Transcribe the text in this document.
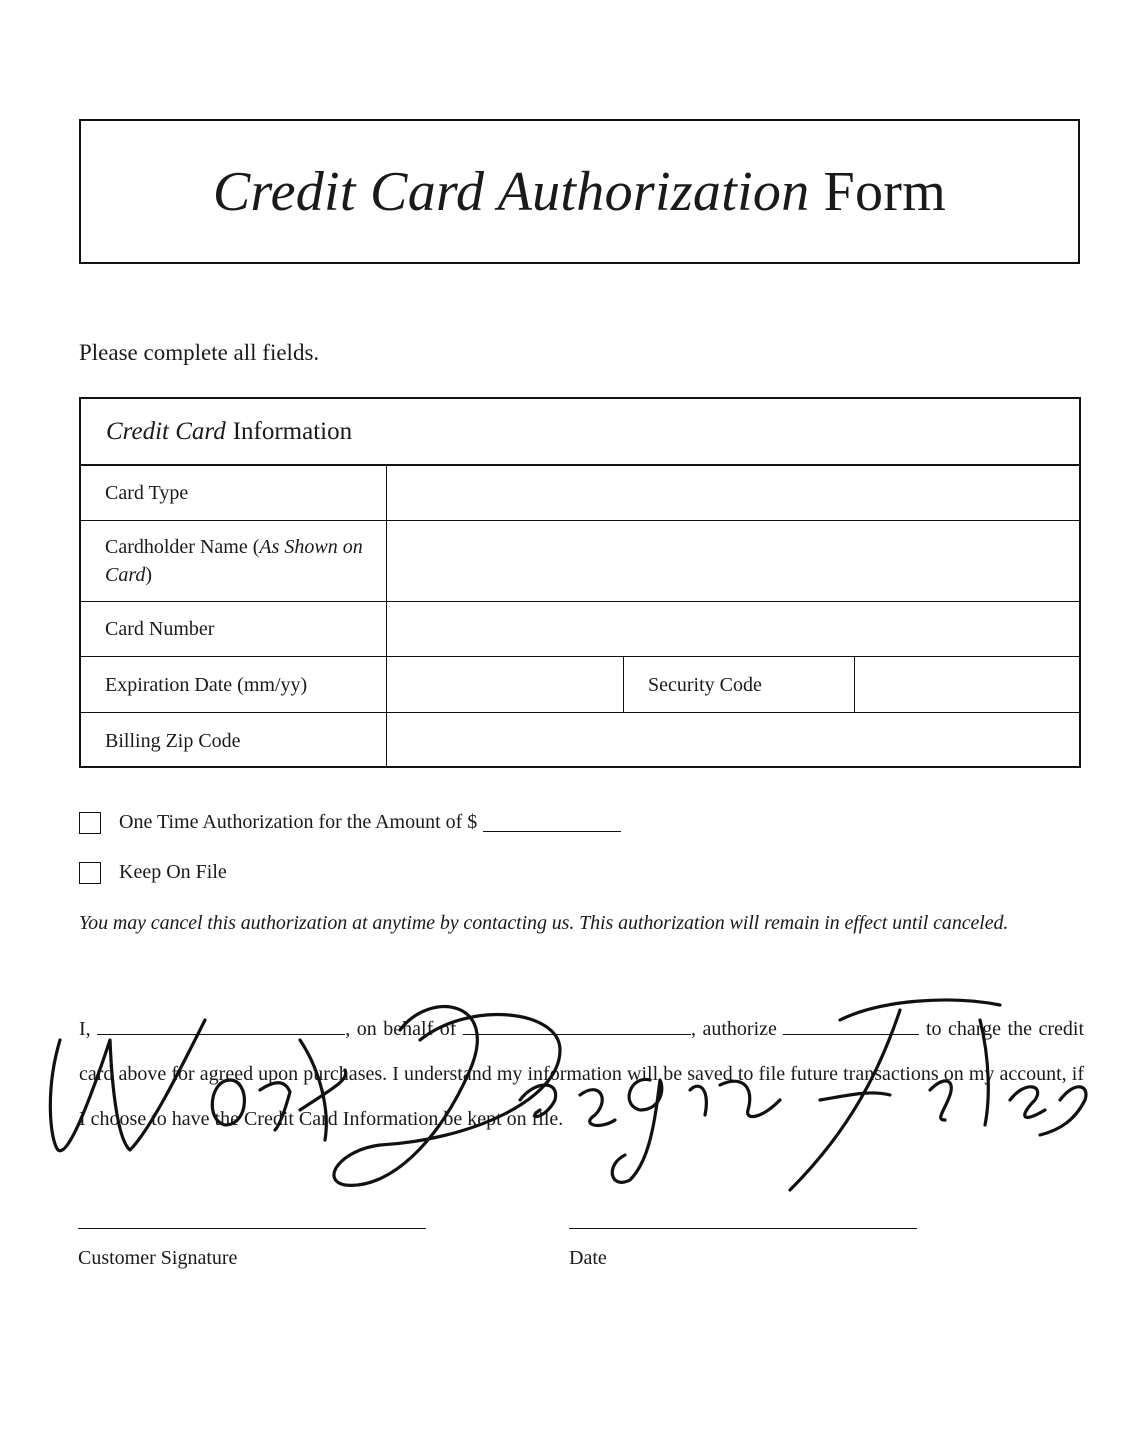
Credit Card Authorization Form
Please complete all fields.
Credit Card Information
Card Type
Cardholder Name (As Shown on Card)
Card Number
Expiration Date (mm/yy)	Security Code
Billing Zip Code
One Time Authorization for the Amount of $
Keep On File
You may cancel this authorization at anytime by contacting us. This authorization will remain in effect until canceled.
I,	, on behalf of	, authorize	to charge the credit card above for agreed upon purchases. I understand my information will be saved to file future transactions on my account, if I choose to have the Credit Card Information be kept on file.
Customer Signature	Date
